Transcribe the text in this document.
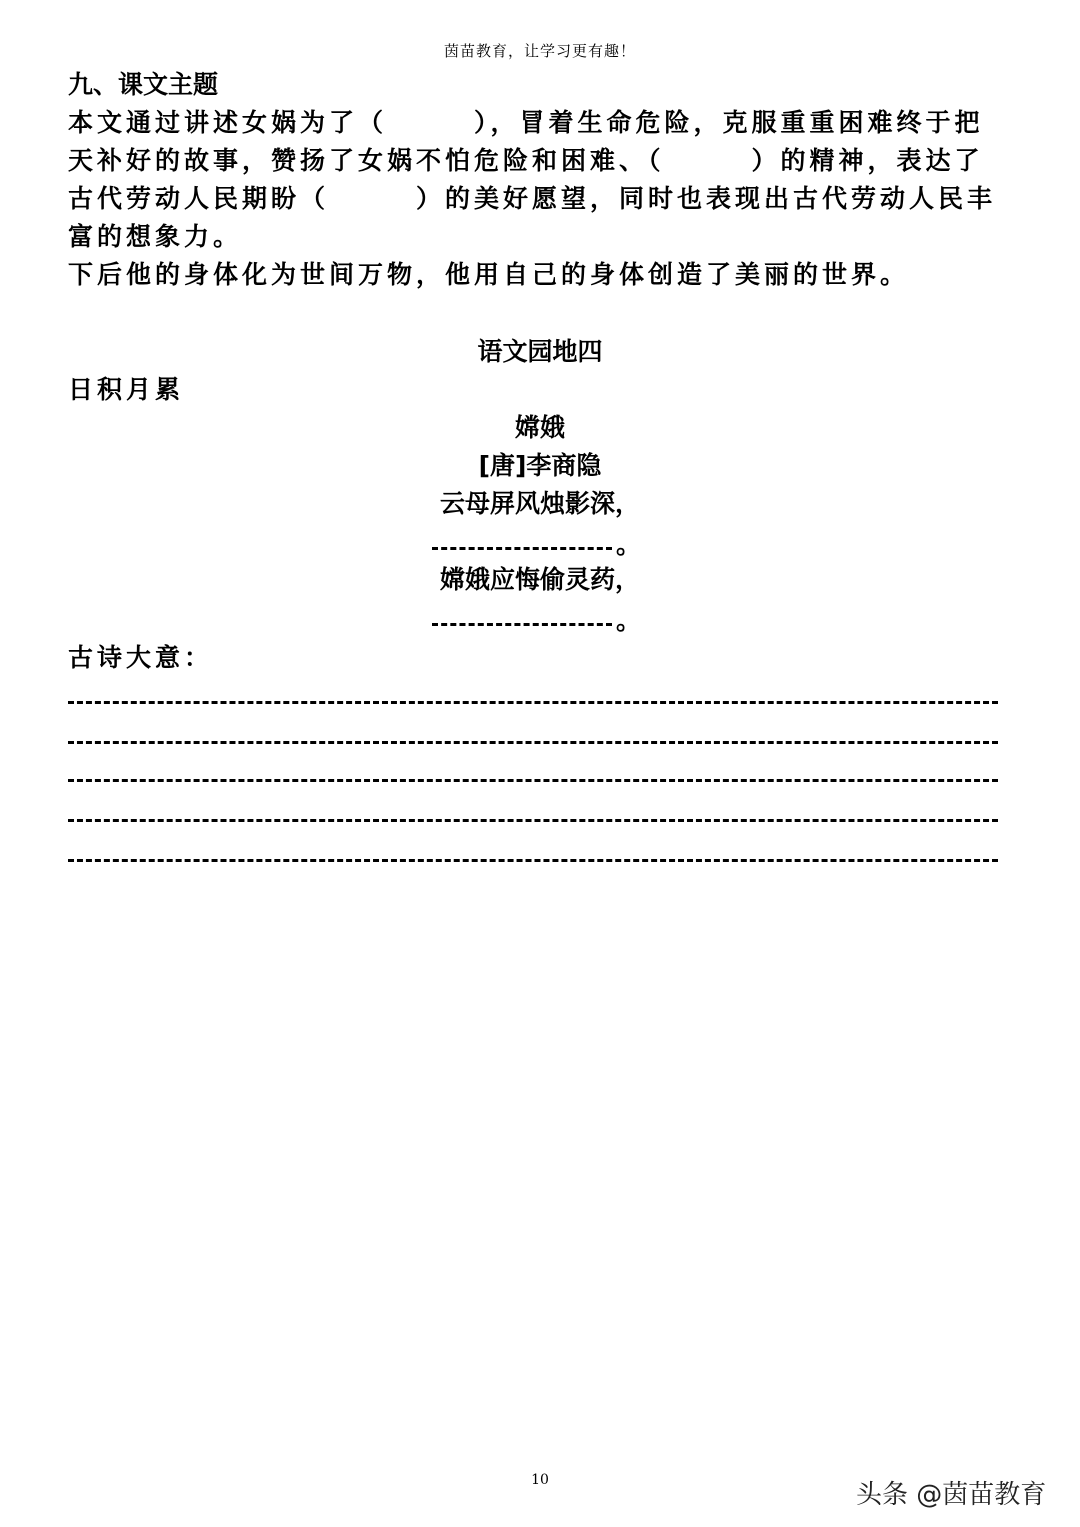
茵苗教育，让学习更有趣！
九、课文主题
本文通过讲述女娲为了（　　　），冒着生命危险，克服重重困难终于把
天补好的故事，赞扬了女娲不怕危险和困难、（　　　）的精神，表达了
古代劳动人民期盼（　　　）的美好愿望，同时也表现出古代劳动人民丰
富的想象力。
下后他的身体化为世间万物，他用自己的身体创造了美丽的世界。
语文园地四
日积月累
嫦娥
[唐]李商隐
云母屏风烛影深，
。
嫦娥应悔偷灵药，
。
古诗大意：
10	头条 @茵苗教育
